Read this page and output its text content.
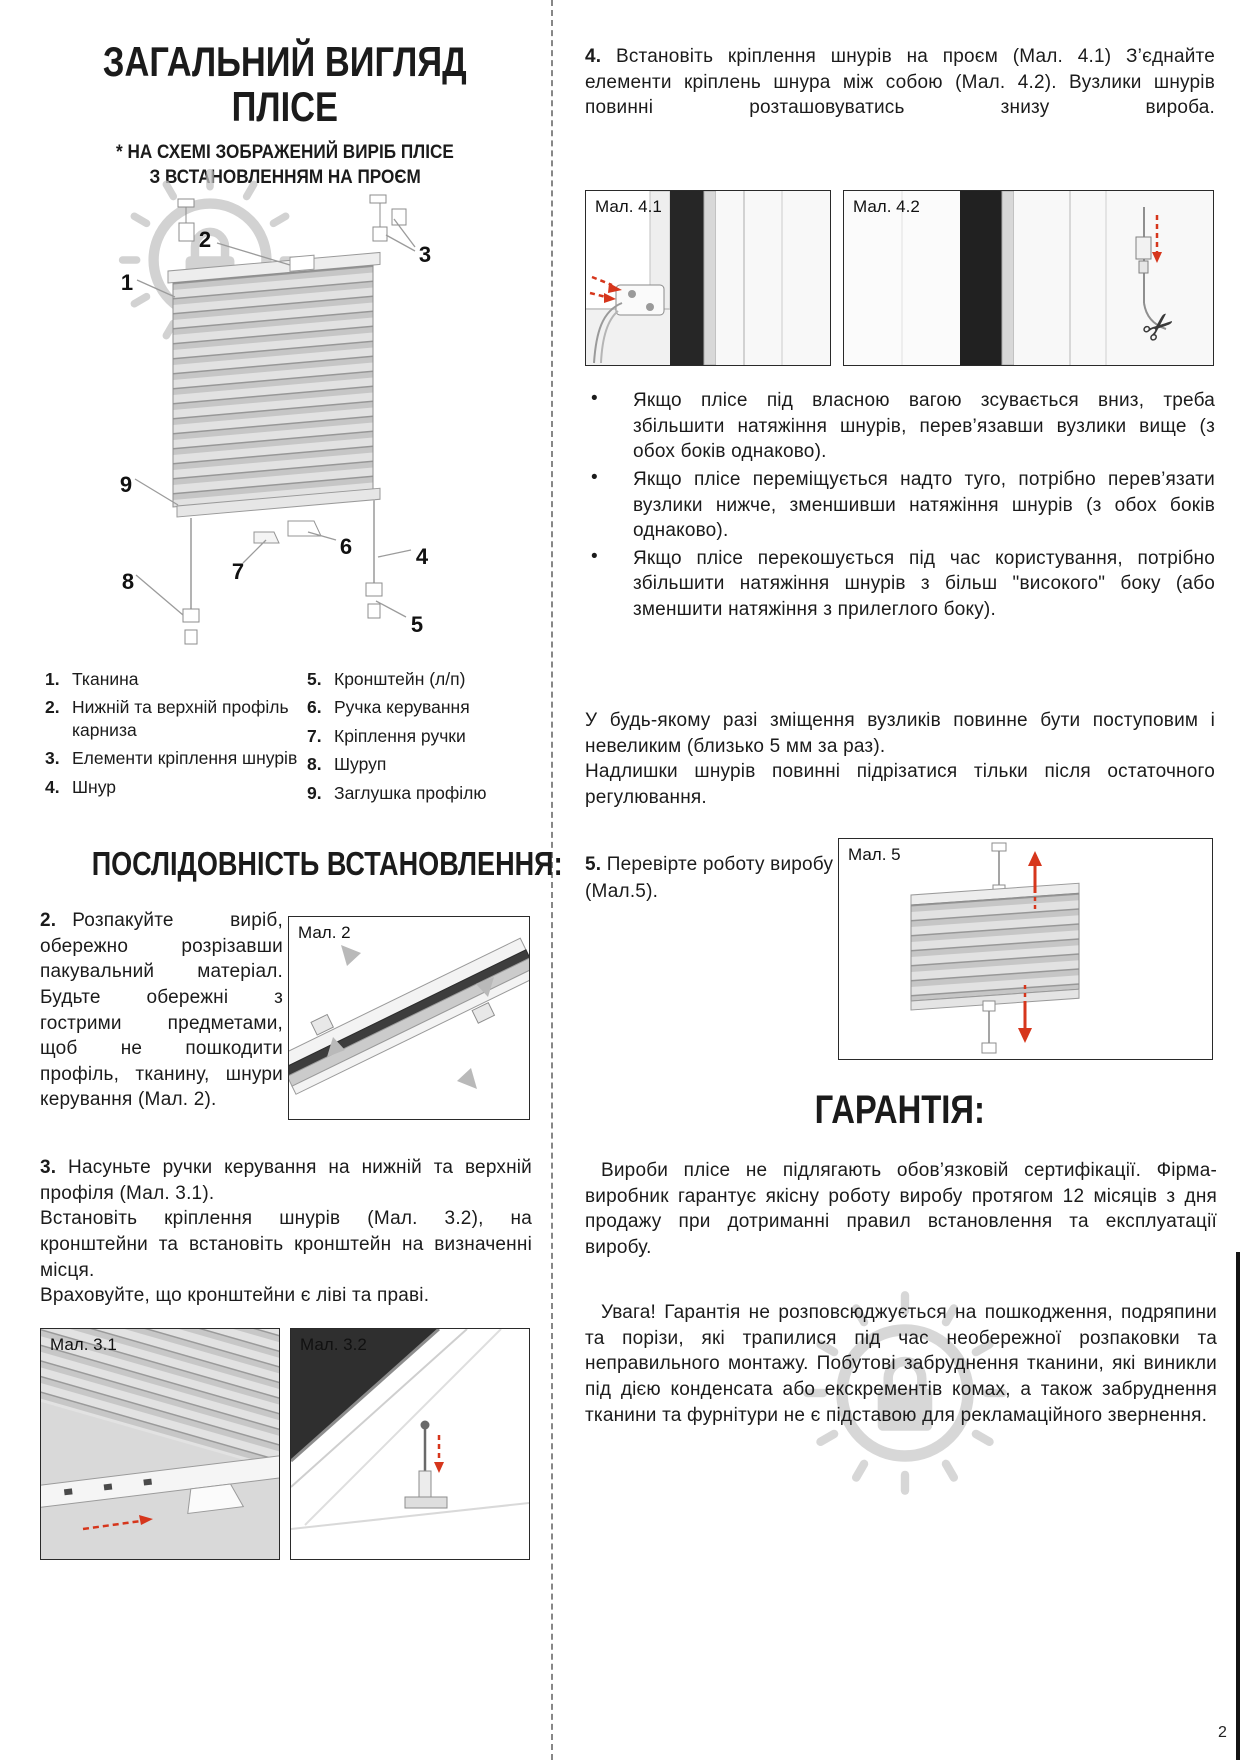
ЗАГАЛЬНИЙ ВИГЛЯД
ПЛІСЕ
* НА СХЕМІ ЗОБРАЖЕНИЙ ВИРІБ ПЛІСЕ
З ВСТАНОВЛЕННЯМ НА ПРОЄМ
1
2
3
4
5
6
7
8
9
1. Тканина
2. Нижній та верхній профіль карниза
3. Елементи кріплення шнурів
4. Шнур
5. Кронштейн (л/п)
6. Ручка керування
7. Кріплення ручки
8. Шуруп
9. Заглушка профілю
ПОСЛІДОВНІСТЬ ВСТАНОВЛЕННЯ:
2. Розпакуйте виріб, обережно розрізавши пакувальний матеріал. Будьте обережні з гострими предметами, щоб не пошкодити профіль, тканину, шнури керування (Мал. 2).
Мал. 2
3. Насуньте ручки керування на нижній та верхній профіля (Мал. 3.1).
Встановіть кріплення шнурів (Мал. 3.2), на кронштейни та встановіть кронштейн на визначенні місця.
Враховуйте, що кронштейни є ліві та праві.
Мал. 3.1	Мал. 3.2
4. Встановіть кріплення шнурів на проєм (Мал. 4.1) З’єднайте елементи кріплень шнура між собою (Мал. 4.2). Вузлики шнурів повинні розташовуватись знизу вироба.
Мал. 4.1	Мал. 4.2
✂
•	Якщо плісе під власною вагою зсувається вниз, треба збільшити натяжіння шнурів, перев’язавши вузлики вище (з обох боків однаково).
•	Якщо плісе переміщується надто туго, потрібно перев’язати вузлики нижче, зменшивши натяжіння шнурів (з обох боків однаково).
•	Якщо плісе перекошується під час користування, потрібно збільшити натяжіння шнурів з більш "високого" боку (або зменшити натяжіння з прилеглого боку).
У будь-якому разі зміщення вузликів повинне бути поступовим і невеликим (близько 5 мм за раз).
Надлишки шнурів повинні підрізатися тільки після остаточного регулювання.
5. Перевірте роботу виробу (Мал.5).
Мал. 5
ГАРАНТІЯ:
Вироби плісе не підлягають обов’язковій сертифікації. Фірма-виробник гарантує якісну роботу виробу протягом 12 місяців з дня продажу при дотриманні правил встановлення та експлуатації виробу.
Увага! Гарантія не розповсюджується на пошкодження, подряпини та порізи, які трапилися під час необережної розпаковки та неправильного монтажу. Побутові забруднення тканини, які виникли під дією конденсата або екскрементів комах, а також забруднення тканини та фурнітури не є підставою для рекламаційного звернення.
2
